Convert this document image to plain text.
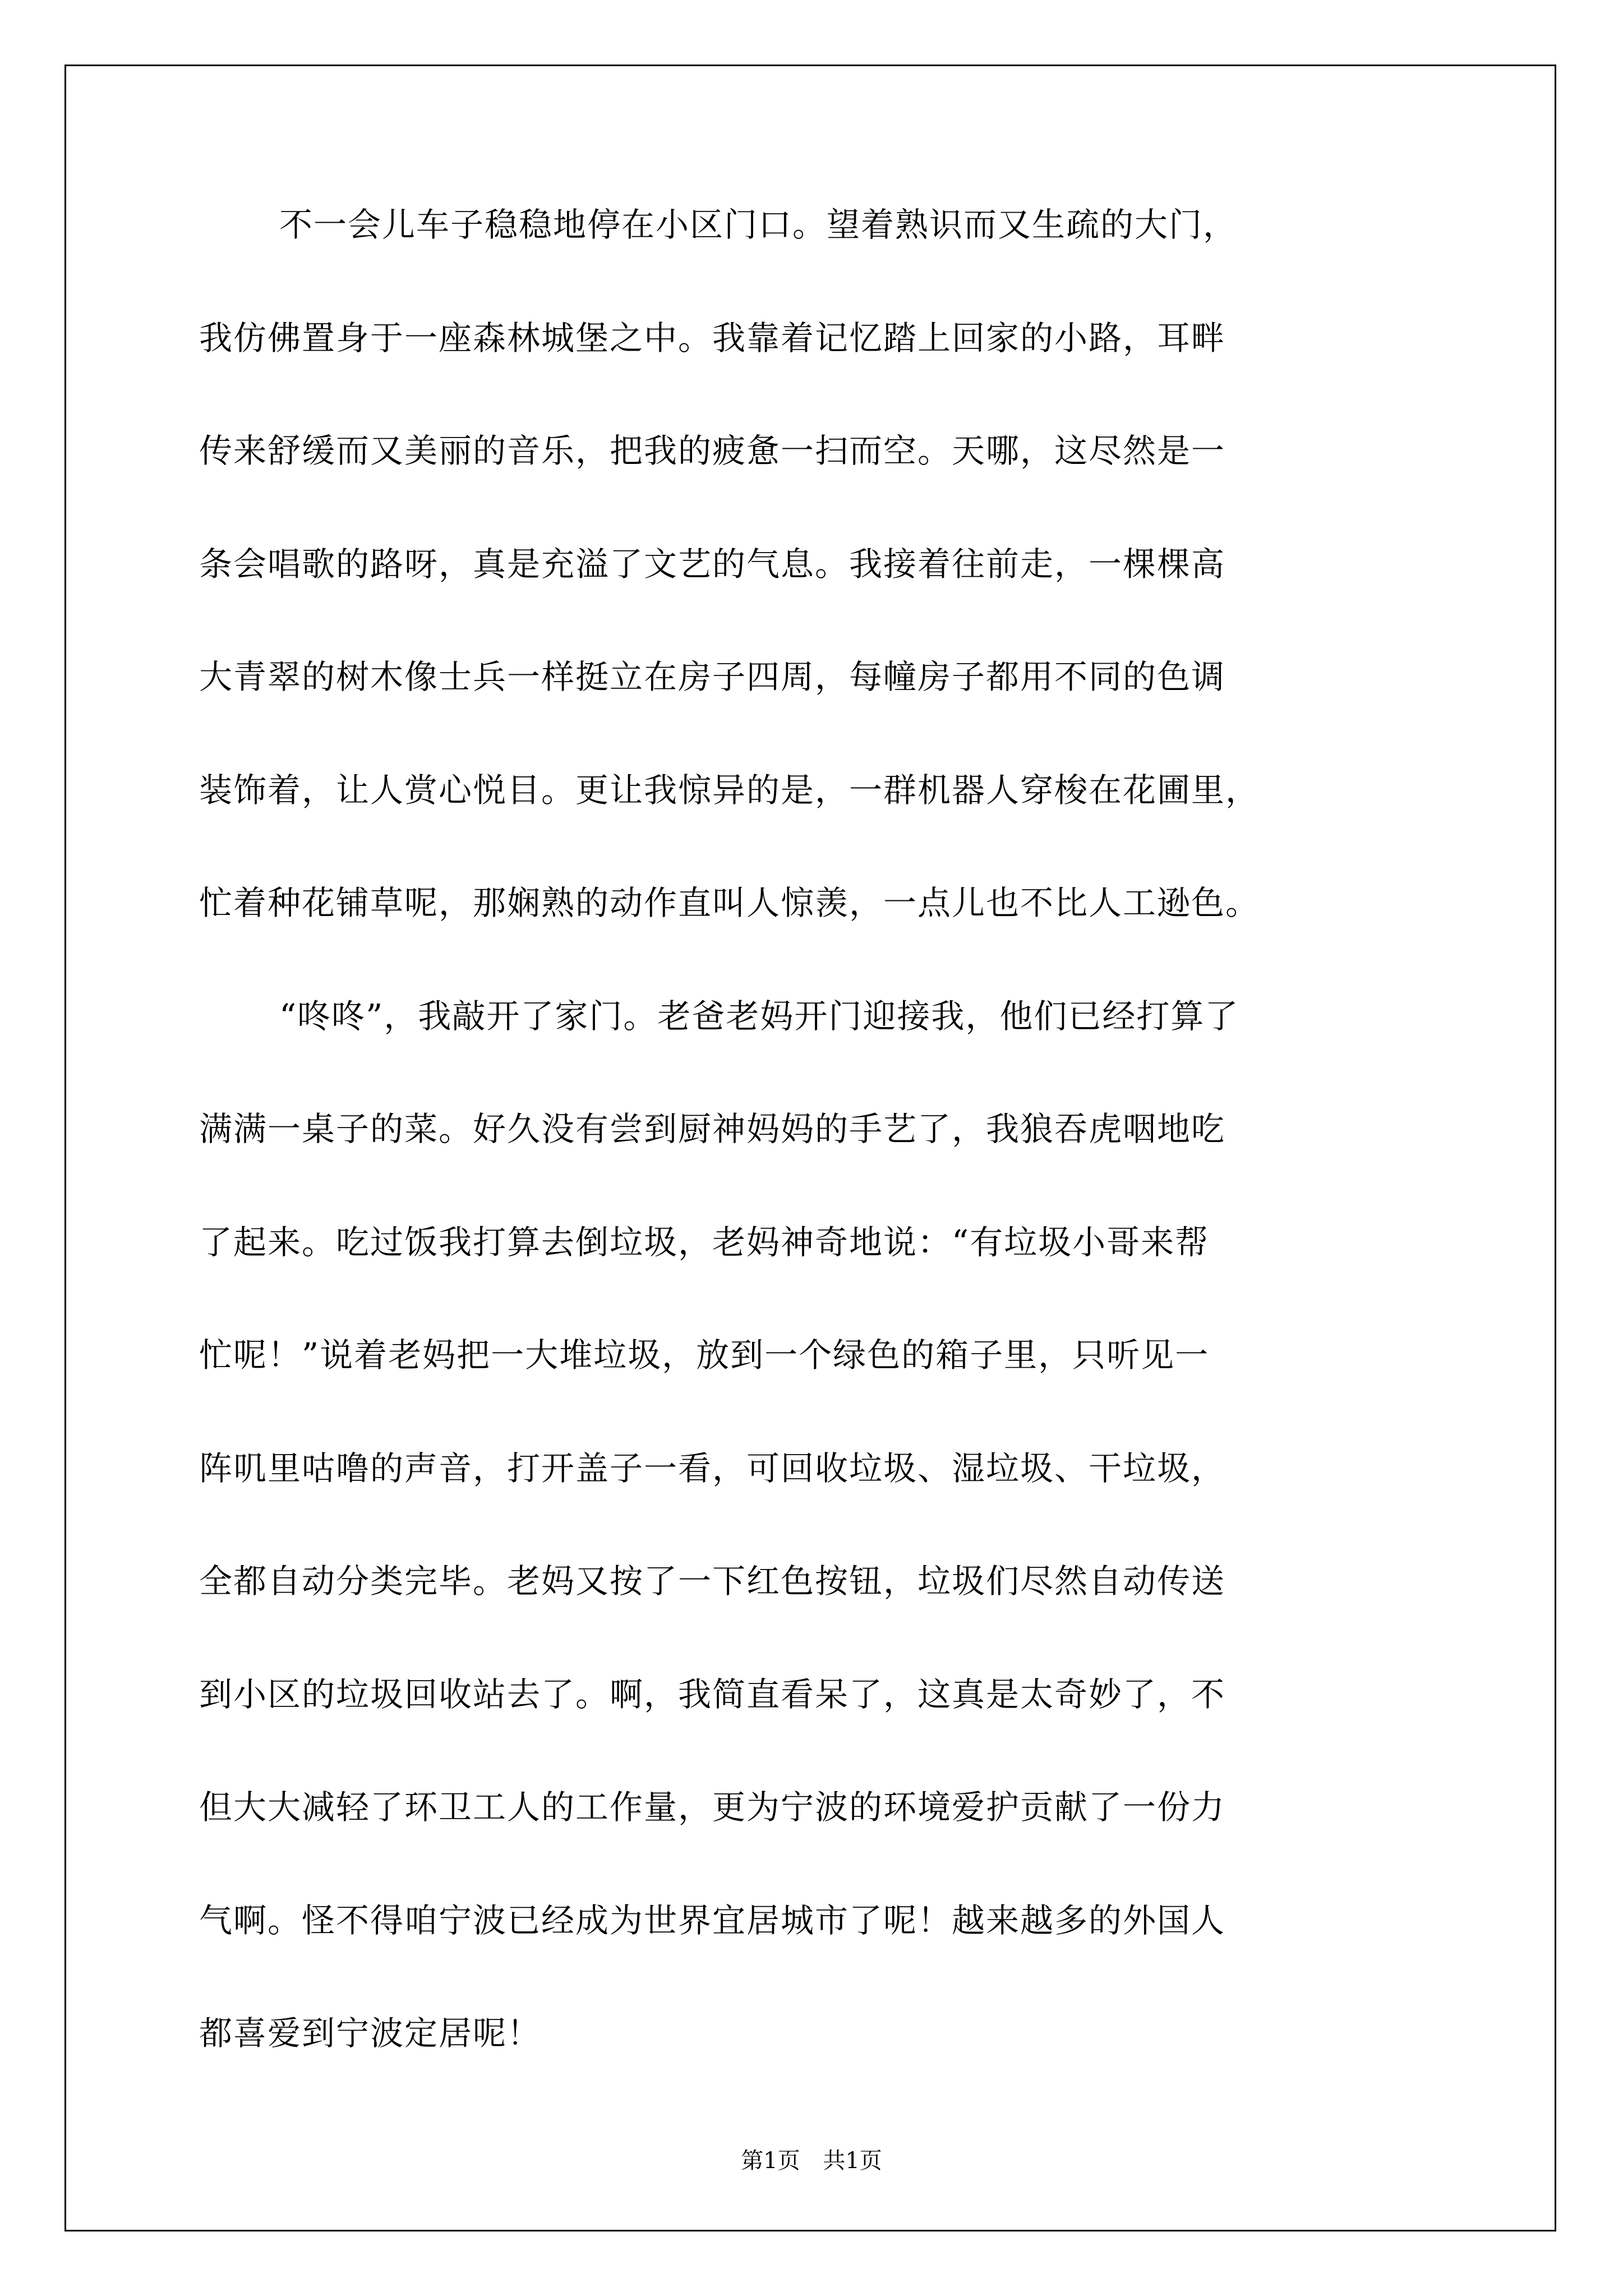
不一会儿车子稳稳地停在小区门口。望着熟识而又生疏的大门，

我仿佛置身于一座森林城堡之中。我靠着记忆踏上回家的小路，耳畔

传来舒缓而又美丽的音乐，把我的疲惫一扫而空。天哪，这尽然是一

条会唱歌的路呀，真是充溢了文艺的气息。我接着往前走，一棵棵高

大青翠的树木像士兵一样挺立在房子四周，每幢房子都用不同的色调

装饰着，让人赏心悦目。更让我惊异的是，一群机器人穿梭在花圃里，

忙着种花铺草呢，那娴熟的动作直叫人惊羡，一点儿也不比人工逊色。

“咚咚”，我敲开了家门。老爸老妈开门迎接我，他们已经打算了

满满一桌子的菜。好久没有尝到厨神妈妈的手艺了，我狼吞虎咽地吃

了起来。吃过饭我打算去倒垃圾，老妈神奇地说：“有垃圾小哥来帮

忙呢！”说着老妈把一大堆垃圾，放到一个绿色的箱子里，只听见一

阵叽里咕噜的声音，打开盖子一看，可回收垃圾、湿垃圾、干垃圾，

全都自动分类完毕。老妈又按了一下红色按钮，垃圾们尽然自动传送

到小区的垃圾回收站去了。啊，我简直看呆了，这真是太奇妙了，不

但大大减轻了环卫工人的工作量，更为宁波的环境爱护贡献了一份力

气啊。怪不得咱宁波已经成为世界宜居城市了呢！越来越多的外国人

都喜爱到宁波定居呢！

第1页 共1页
